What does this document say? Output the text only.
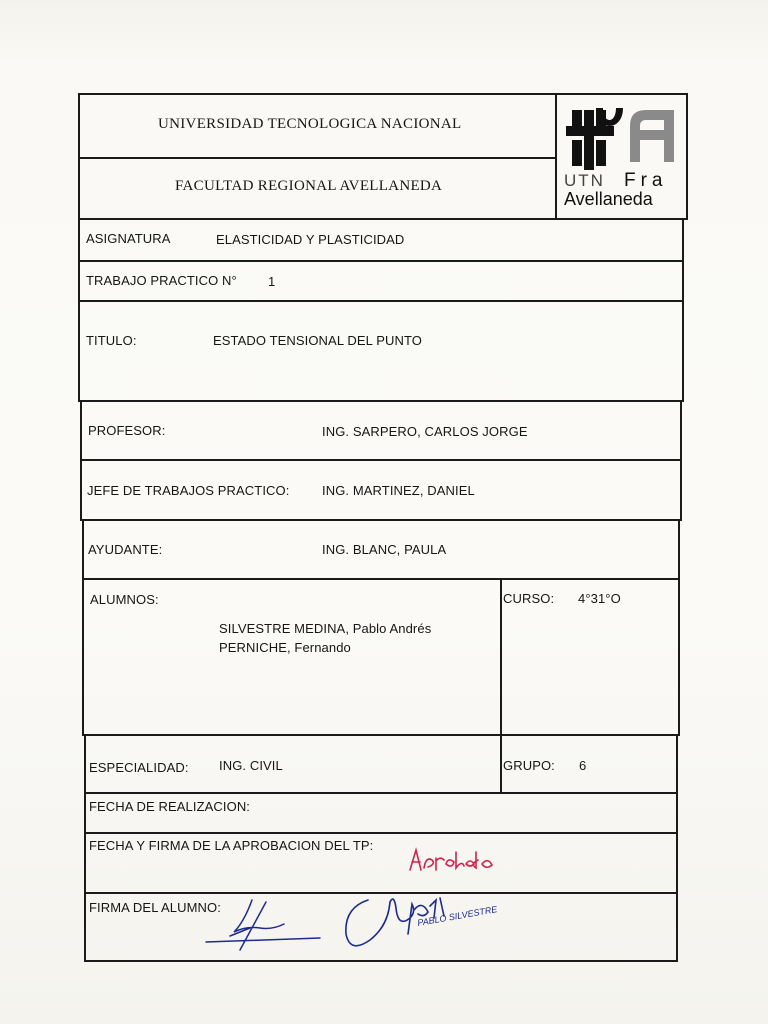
UNIVERSIDAD TECNOLOGICA NACIONAL
FACULTAD REGIONAL AVELLANEDA	UTN Fra
Avellaneda
ASIGNATURA	ELASTICIDAD Y PLASTICIDAD
TRABAJO PRACTICO N° 1
TITULO:	ESTADO TENSIONAL DEL PUNTO
PROFESOR:	ING. SARPERO, CARLOS JORGE
JEFE DE TRABAJOS PRACTICO:	ING. MARTINEZ, DANIEL
AYUDANTE:	ING. BLANC, PAULA
ALUMNOS:
SILVESTRE MEDINA, Pablo Andrés
PERNICHE, Fernando
CURSO: 4°31°O
ESPECIALIDAD: ING. CIVIL	GRUPO: 6
FECHA DE REALIZACION:
FECHA Y FIRMA DE LA APROBACION DEL TP:
FIRMA DEL ALUMNO:	PABLO SILVESTRE
